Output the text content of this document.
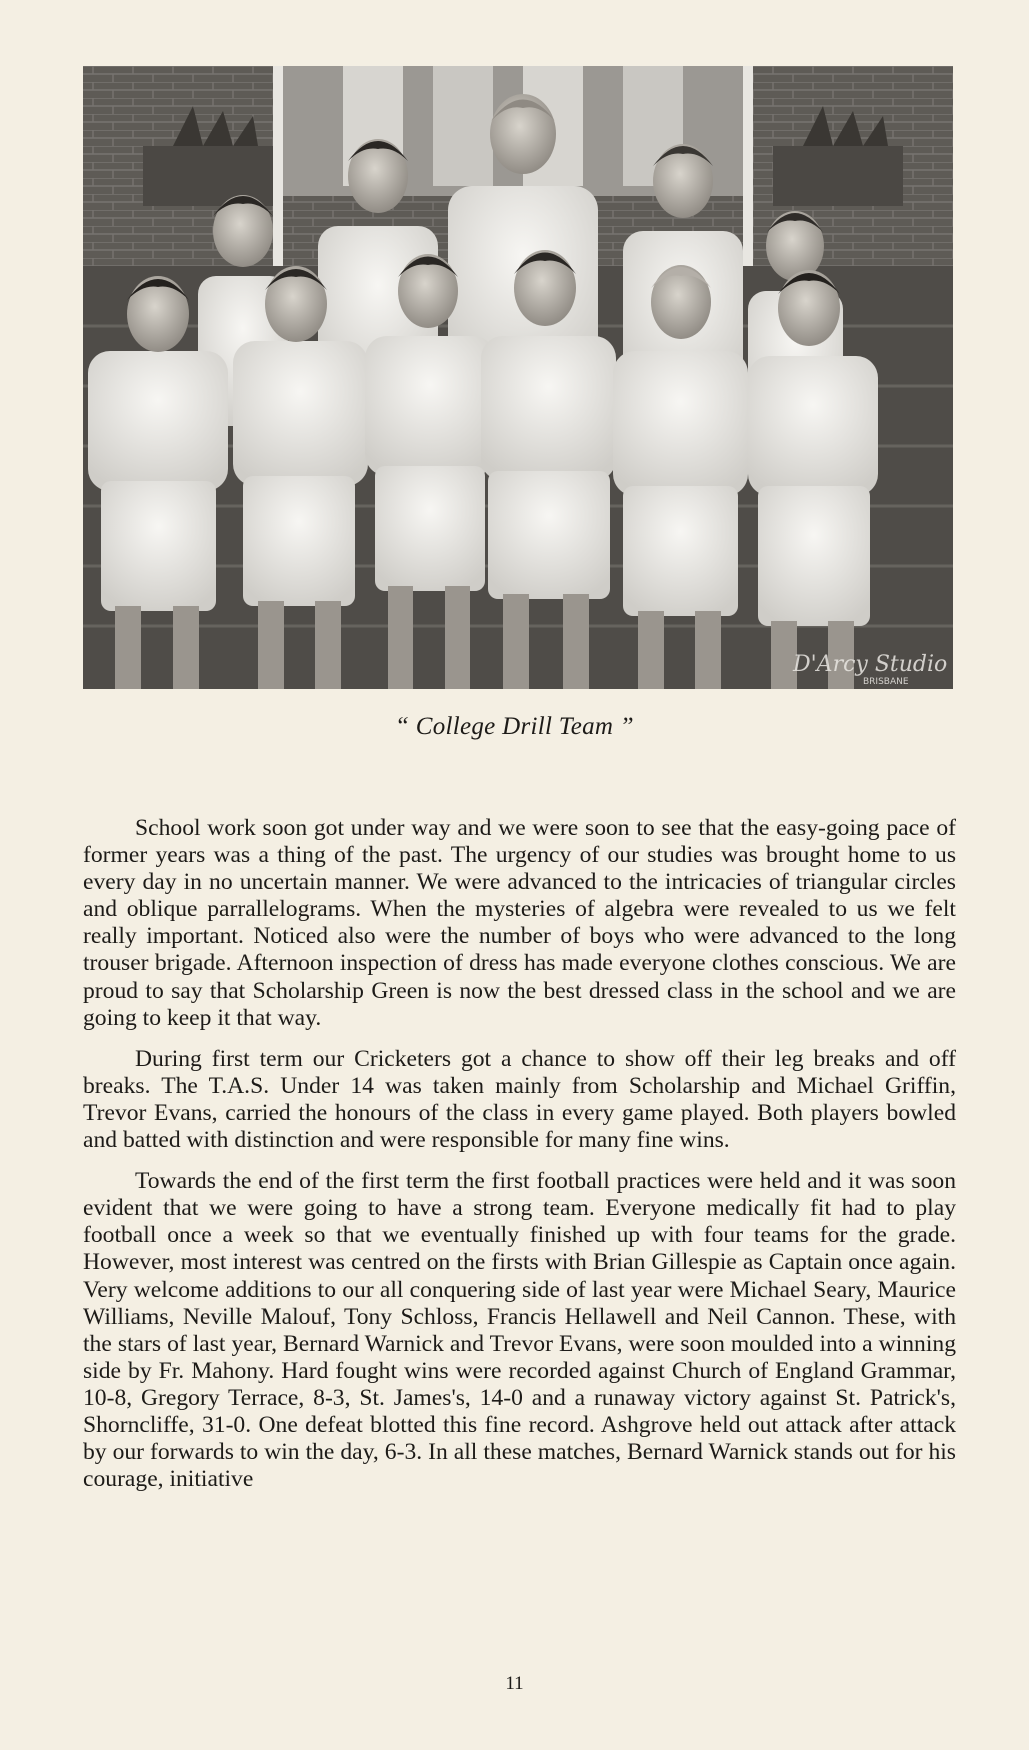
D'Arcy Studio
BRISBANE
“ College Drill Team ”

School work soon got under way and we were soon to see that the easy-going pace of former years was a thing of the past. The urgency of our studies was brought home to us every day in no uncertain manner. We were advanced to the intricacies of triangular circles and oblique parrallelograms. When the mysteries of algebra were revealed to us we felt really important. Noticed also were the number of boys who were advanced to the long trouser brigade. Afternoon inspection of dress has made everyone clothes conscious. We are proud to say that Scholarship Green is now the best dressed class in the school and we are going to keep it that way.

During first term our Cricketers got a chance to show off their leg breaks and off breaks. The T.A.S. Under 14 was taken mainly from Scholarship and Michael Griffin, Trevor Evans, carried the honours of the class in every game played. Both players bowled and batted with distinction and were responsible for many fine wins.

Towards the end of the first term the first football practices were held and it was soon evident that we were going to have a strong team. Everyone medically fit had to play football once a week so that we eventually finished up with four teams for the grade. However, most interest was centred on the firsts with Brian Gillespie as Captain once again. Very welcome additions to our all conquering side of last year were Michael Seary, Maurice Williams, Neville Malouf, Tony Schloss, Francis Hellawell and Neil Cannon. These, with the stars of last year, Bernard Warnick and Trevor Evans, were soon moulded into a winning side by Fr. Mahony. Hard fought wins were recorded against Church of England Grammar, 10-8, Gregory Terrace, 8-3, St. James's, 14-0 and a runaway victory against St. Patrick's, Shorncliffe, 31-0. One defeat blotted this fine record. Ashgrove held out attack after attack by our forwards to win the day, 6-3. In all these matches, Bernard Warnick stands out for his courage, initiative

11
